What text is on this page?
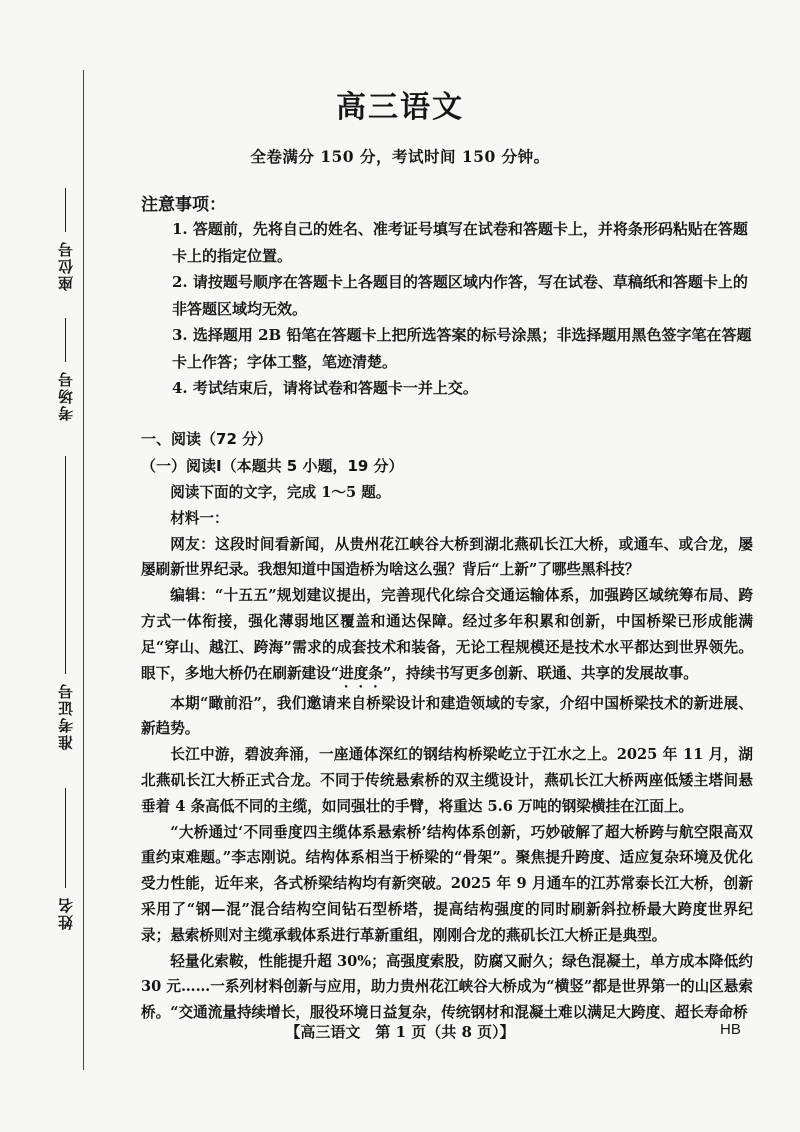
座位号
考场号
准考证号
姓名
高三语文
全卷满分 150 分，考试时间 150 分钟。
注意事项：
1. 答题前，先将自己的姓名、准考证号填写在试卷和答题卡上，并将条形码粘贴在答题卡上的指定位置。
2. 请按题号顺序在答题卡上各题目的答题区域内作答，写在试卷、草稿纸和答题卡上的非答题区域均无效。
3. 选择题用 2B 铅笔在答题卡上把所选答案的标号涂黑；非选择题用黑色签字笔在答题卡上作答；字体工整，笔迹清楚。
4. 考试结束后，请将试卷和答题卡一并上交。
一、阅读（72 分）
（一）阅读Ⅰ（本题共 5 小题，19 分）

阅读下面的文字，完成 1～5 题。

材料一：

网友：这段时间看新闻，从贵州花江峡谷大桥到湖北燕矶长江大桥，或通车、或合龙，屡屡刷新世界纪录。我想知道中国造桥为啥这么强？背后“上新”了哪些黑科技？

编辑：“十五五”规划建议提出，完善现代化综合交通运输体系，加强跨区域统筹布局、跨方式一体衔接，强化薄弱地区覆盖和通达保障。经过多年积累和创新，中国桥梁已形成能满足“穿山、越江、跨海”需求的成套技术和装备，无论工程规模还是技术水平都达到世界领先。眼下，多地大桥仍在刷新建设“进度条”，持续书写更多创新、联通、共享的发展故事。

本期“瞰前沿”，我们邀请来自桥梁设计和建造领域的专家，介绍中国桥梁技术的新进展、新趋势。

长江中游，碧波奔涌，一座通体深红的钢结构桥梁屹立于江水之上。2025 年 11 月，湖北燕矶长江大桥正式合龙。不同于传统悬索桥的双主缆设计，燕矶长江大桥两座低矮主塔间悬垂着 4 条高低不同的主缆，如同强壮的手臂，将重达 5.6 万吨的钢梁横挂在江面上。

“大桥通过‘不同垂度四主缆体系悬索桥’结构体系创新，巧妙破解了超大桥跨与航空限高双重约束难题。”李志刚说。结构体系相当于桥梁的“骨架”。聚焦提升跨度、适应复杂环境及优化受力性能，近年来，各式桥梁结构均有新突破。2025 年 9 月通车的江苏常泰长江大桥，创新采用了“钢—混”混合结构空间钻石型桥塔，提高结构强度的同时刷新斜拉桥最大跨度世界纪录；悬索桥则对主缆承载体系进行革新重组，刚刚合龙的燕矶长江大桥正是典型。

轻量化索鞍，性能提升超 30%；高强度索股，防腐又耐久；绿色混凝土，单方成本降低约 30 元……一系列材料创新与应用，助力贵州花江峡谷大桥成为“横竖”都是世界第一的山区悬索桥。“交通流量持续增长，服役环境日益复杂，传统钢材和混凝土难以满足大跨度、超长寿命桥

【高三语文　第 1 页（共 8 页）】	HB
